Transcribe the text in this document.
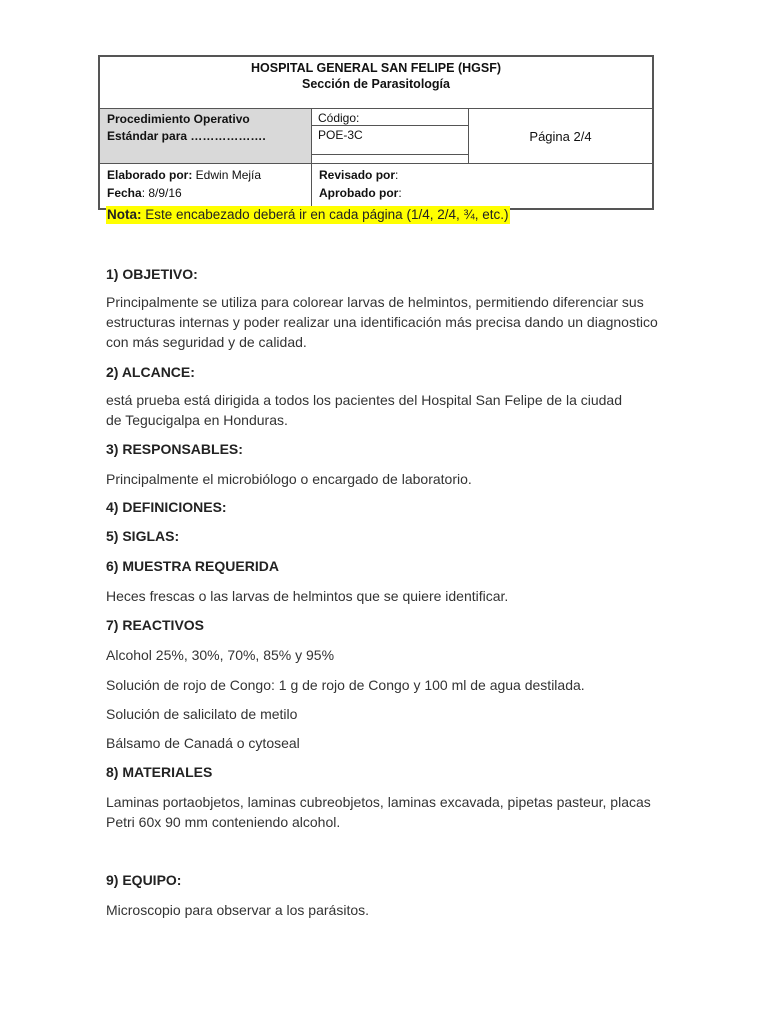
HOSPITAL GENERAL SAN FELIPE (HGSF)
Sección de Parasitología
Procedimiento Operativo
Estándar para ……………….
Código:
POE-3C	Página 2/4
Elaborado por: Edwin Mejía
Fecha: 8/9/16
Revisado por:
Aprobado por:
Nota: Este encabezado deberá ir en cada página (1/4, 2/4, ¾, etc.)
1) OBJETIVO:
Principalmente se utiliza para colorear larvas de helmintos, permitiendo diferenciar sus estructuras internas y poder realizar una identificación más precisa dando un diagnostico con más seguridad y de calidad.
2) ALCANCE:
está prueba está dirigida a todos los pacientes del Hospital San Felipe de la ciudad de Tegucigalpa en Honduras.
3) RESPONSABLES:
Principalmente el microbiólogo o encargado de laboratorio.
4) DEFINICIONES:
5) SIGLAS:
6) MUESTRA REQUERIDA
Heces frescas o las larvas de helmintos que se quiere identificar.
7) REACTIVOS
Alcohol 25%, 30%, 70%, 85% y 95%
Solución de rojo de Congo: 1 g de rojo de Congo y 100 ml de agua destilada.
Solución de salicilato de metilo
Bálsamo de Canadá o cytoseal
8) MATERIALES
Laminas portaobjetos, laminas cubreobjetos, laminas excavada, pipetas pasteur, placas Petri 60x 90 mm conteniendo alcohol.
9) EQUIPO:
Microscopio para observar a los parásitos.
